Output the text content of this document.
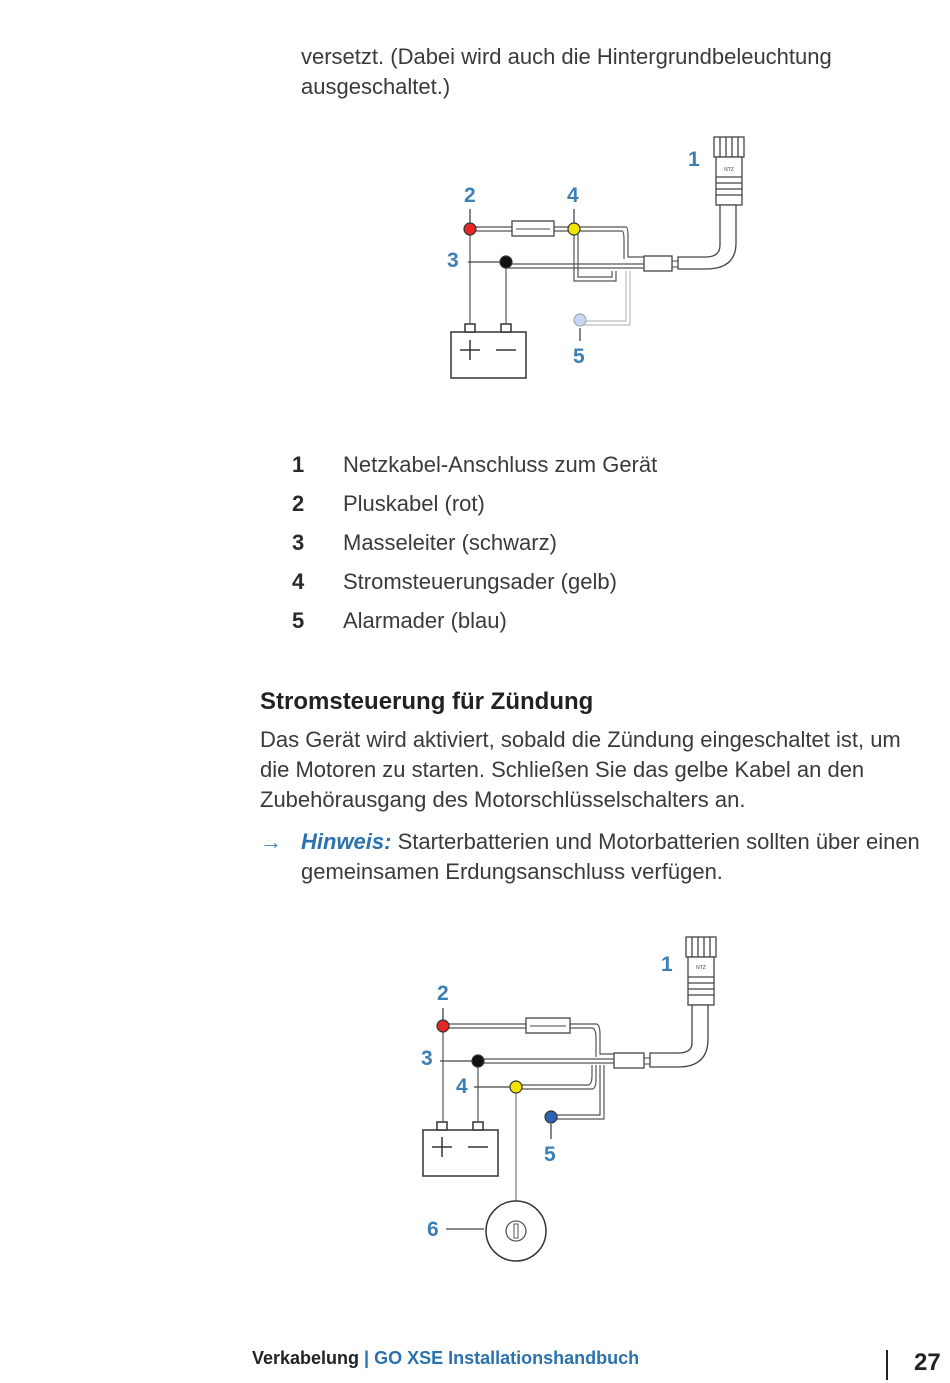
versetzt. (Dabei wird auch die Hintergrundbeleuchtung ausgeschaltet.)
NTZ
1
2	4
3
5
1	Netzkabel-Anschluss zum Gerät
2	Pluskabel (rot)
3	Masseleiter (schwarz)
4	Stromsteuerungsader (gelb)
5	Alarmader (blau)
Stromsteuerung für Zündung

Das Gerät wird aktiviert, sobald die Zündung eingeschaltet ist, um die Motoren zu starten. Schließen Sie das gelbe Kabel an den Zubehörausgang des Motorschlüsselschalters an.

→ Hinweis: Starterbatterien und Motorbatterien sollten über einen gemeinsamen Erdungsanschluss verfügen.
NTZ
1
2
3
4
5
6
Verkabelung | GO XSE Installationshandbuch	27
